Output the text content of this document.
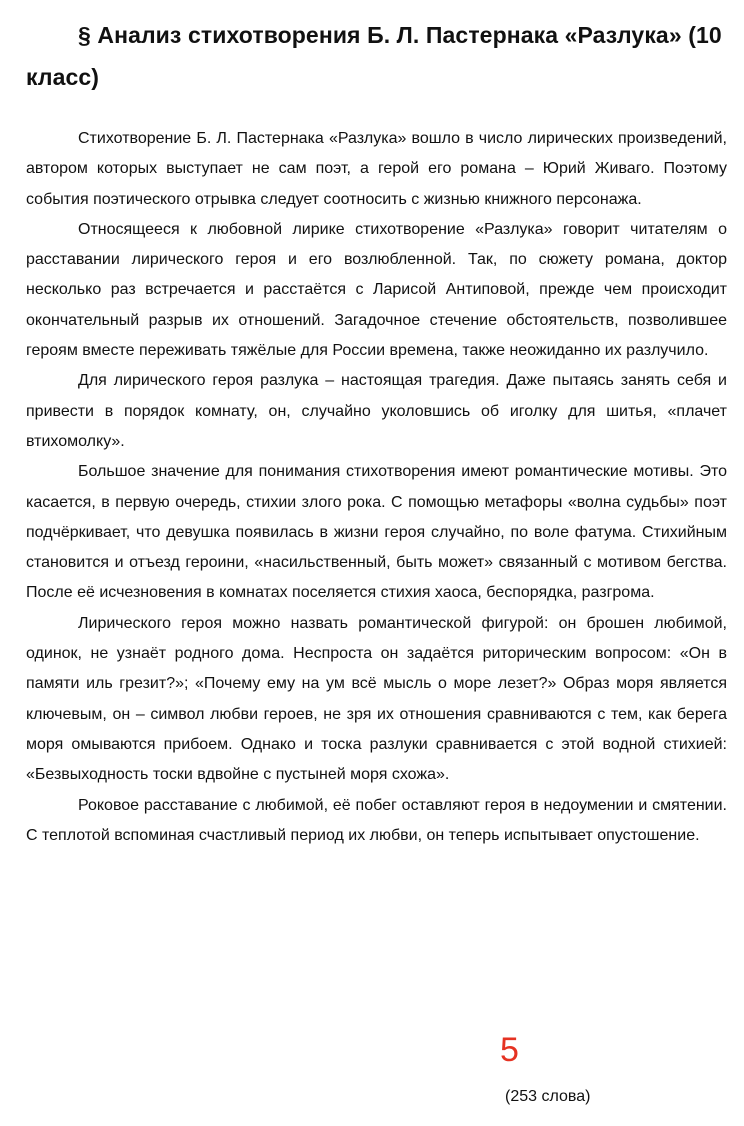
§ Анализ стихотворения Б. Л. Пастернака «Разлука» (10 класс)

Стихотворение Б. Л. Пастернака «Разлука» вошло в число лирических произведений, автором которых выступает не сам поэт, а герой его романа – Юрий Живаго. Поэтому события поэтического отрывка следует соотносить с жизнью книжного персонажа.

Относящееся к любовной лирике стихотворение «Разлука» говорит читателям о расставании лирического героя и его возлюбленной. Так, по сюжету романа, доктор несколько раз встречается и расстаётся с Ларисой Антиповой, прежде чем происходит окончательный разрыв их отношений. Загадочное стечение обстоятельств, позволившее героям вместе переживать тяжёлые для России времена, также неожиданно их разлучило.

Для лирического героя разлука – настоящая трагедия. Даже пытаясь занять себя и привести в порядок комнату, он, случайно уколовшись об иголку для шитья, «плачет втихомолку».

Большое значение для понимания стихотворения имеют романтические мотивы. Это касается, в первую очередь, стихии злого рока. С помощью метафоры «волна судьбы» поэт подчёркивает, что девушка появилась в жизни героя случайно, по воле фатума. Стихийным становится и отъезд героини, «насильственный, быть может» связанный с мотивом бегства. После её исчезновения в комнатах поселяется стихия хаоса, беспорядка, разгрома.

Лирического героя можно назвать романтической фигурой: он брошен любимой, одинок, не узнаёт родного дома. Неспроста он задаётся риторическим вопросом: «Он в памяти иль грезит?»; «Почему ему на ум всё мысль о море лезет?» Образ моря является ключевым, он – символ любви героев, не зря их отношения сравниваются с тем, как берега моря омываются прибоем. Однако и тоска разлуки сравнивается с этой водной стихией: «Безвыходность тоски вдвойне с пустыней моря схожа».

Роковое расставание с любимой, её побег оставляют героя в недоумении и смятении. С теплотой вспоминая счастливый период их любви, он теперь испытывает опустошение.

5
(253 слова)
